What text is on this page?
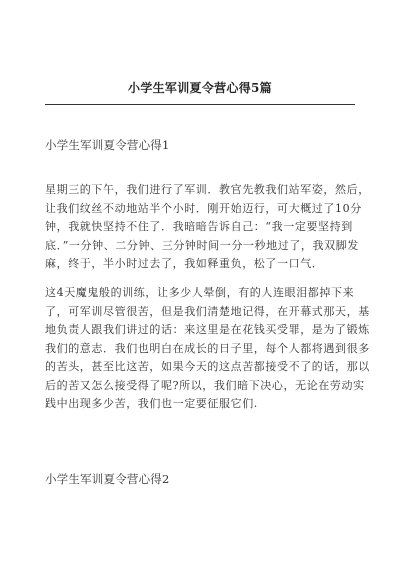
小学生军训夏令营心得5篇
小学生军训夏令营心得1
星期三的下午，我们进行了军训．教官先教我们站军姿，然后，
让我们纹丝不动地站半个小时．刚开始迈行，可大概过了10分
钟，我就快坚持不住了．我暗暗告诉自己：“我一定要坚持到
底．”一分钟、二分钟、三分钟时间一分一秒地过了，我双脚发
麻，终于，半小时过去了，我如释重负，松了一口气．
这4天魔鬼般的训练，让多少人晕倒，有的人连眼泪都掉下来
了，可军训尽管很苦，但是我们清楚地记得，在开幕式那天，基
地负责人跟我们讲过的话：来这里是在花钱买受罪，是为了锻炼
我们的意志．我们也明白在成长的日子里，每个人都将遇到很多
的苦头，甚至比这苦，如果今天的这点苦都接受不了的话，那以
后的苦又怎么接受得了呢?所以，我们暗下决心，无论在劳动实
践中出现多少苦，我们也一定要征服它们.
小学生军训夏令营心得2
